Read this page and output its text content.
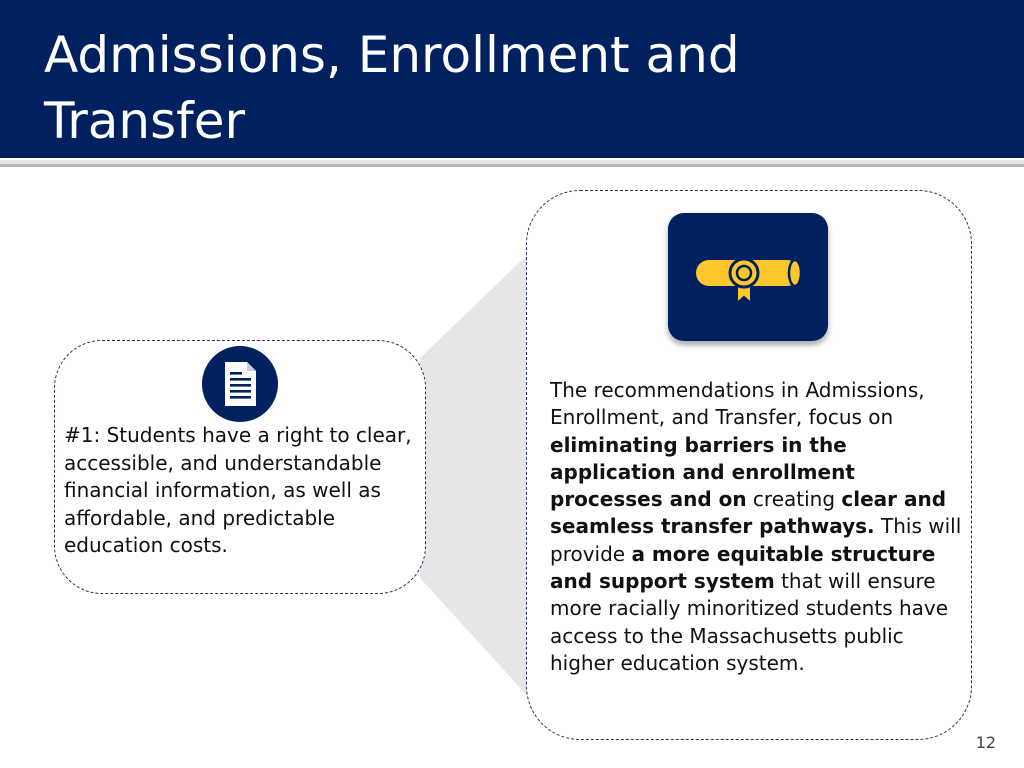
Admissions, Enrollment and Transfer

#1: Students have a right to clear, accessible, and understandable financial information, as well as affordable, and predictable education costs.

The recommendations in Admissions, Enrollment, and Transfer, focus on eliminating barriers in the application and enrollment processes and on creating clear and seamless transfer pathways. This will provide a more equitable structure and support system that will ensure more racially minoritized students have access to the Massachusetts public higher education system.

12
